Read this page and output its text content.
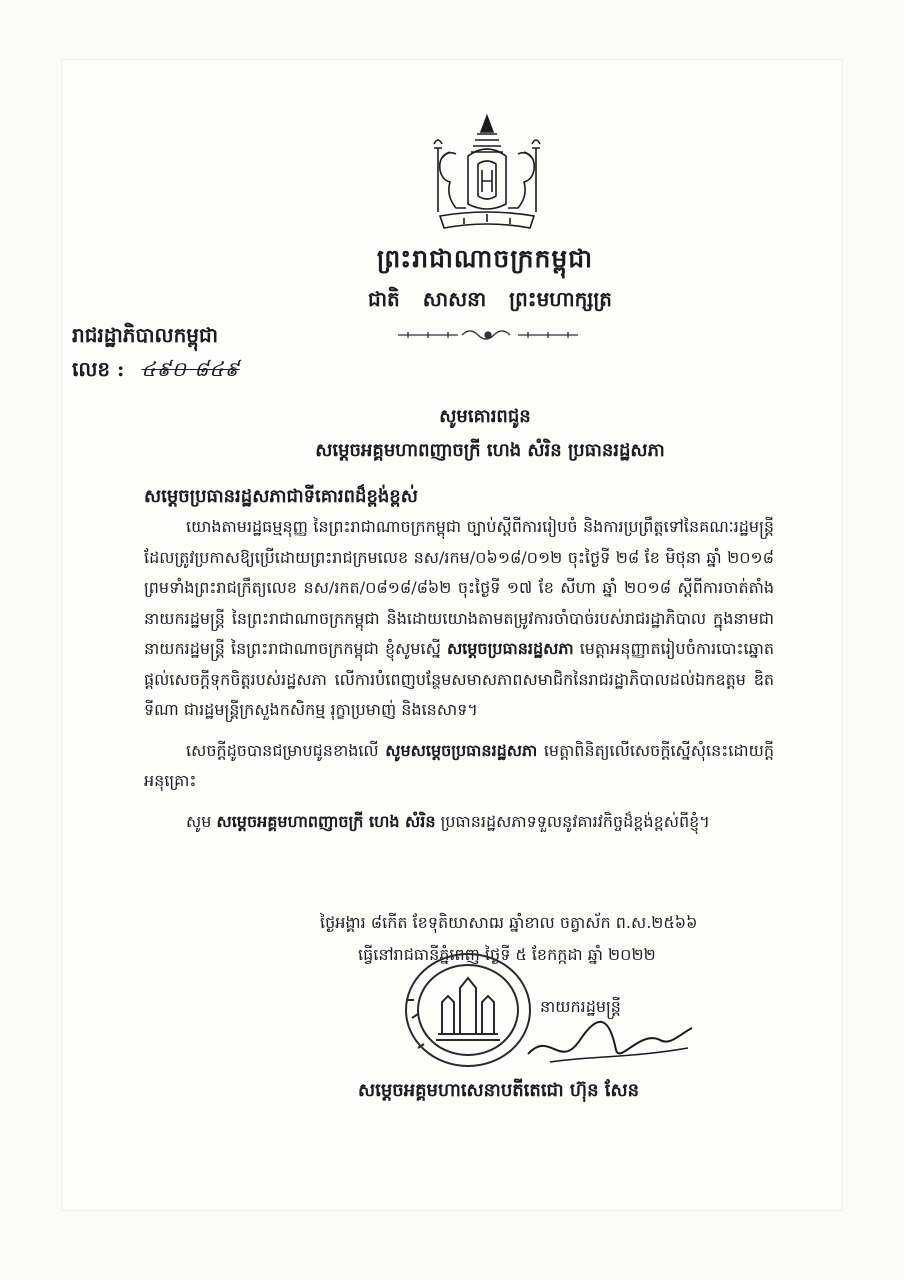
ព្រះរាជាណាចក្រកម្ពុជា
ជាតិ សាសនា ព្រះមហាក្សត្រ
រាជរដ្ឋាភិបាលកម្ពុជា
លេខ : ៤៩០ ៨៤៩
សូមគោរពជូន
សម្តេចអគ្គមហាពញាចក្រី ហេង សំរិន ប្រធានរដ្ឋសភា
សម្តេចប្រធានរដ្ឋសភាជាទីគោរពដ៏ខ្ពង់ខ្ពស់

យោងតាមរដ្ឋធម្មនុញ្ញ នៃព្រះរាជាណាចក្រកម្ពុជា ច្បាប់ស្តីពីការរៀបចំ និងការប្រព្រឹត្តទៅនៃគណៈរដ្ឋមន្ត្រី ដែលត្រូវប្រកាសឱ្យប្រើដោយព្រះរាជក្រមលេខ នស/រកម/០៦១៨/០១២ ចុះថ្ងៃទី ២៨ ខែ មិថុនា ឆ្នាំ ២០១៨ ព្រមទាំងព្រះរាជក្រឹត្យលេខ នស/រកត/០៨១៨/៨៦២ ចុះថ្ងៃទី ១៧ ខែ សីហា ឆ្នាំ ២០១៨ ស្តីពីការចាត់តាំងនាយករដ្ឋមន្ត្រី នៃព្រះរាជាណាចក្រកម្ពុជា និងដោយយោងតាមតម្រូវការចាំបាច់របស់រាជរដ្ឋាភិបាល ក្នុងនាមជានាយករដ្ឋមន្ត្រី នៃព្រះរាជាណាចក្រកម្ពុជា ខ្ញុំសូមស្នើ សម្តេចប្រធានរដ្ឋសភា មេត្តាអនុញ្ញាតរៀបចំការបោះឆ្នោតផ្តល់សេចក្តីទុកចិត្តរបស់រដ្ឋសភា លើការបំពេញបន្ថែមសមាសភាពសមាជិកនៃរាជរដ្ឋាភិបាលដល់ឯកឧត្តម ឌិត ទីណា ជារដ្ឋមន្ត្រីក្រសួងកសិកម្ម រុក្ខាប្រមាញ់ និងនេសាទ។

សេចក្តីដូចបានជម្រាបជូនខាងលើ សូមសម្តេចប្រធានរដ្ឋសភា មេត្តាពិនិត្យលើសេចក្តីស្នើសុំនេះដោយក្តីអនុគ្រោះ

សូម សម្តេចអគ្គមហាពញាចក្រី ហេង សំរិន ប្រធានរដ្ឋសភាទទួលនូវគារវកិច្ចដ៏ខ្ពង់ខ្ពស់ពីខ្ញុំ។

ថ្ងៃអង្គារ ៨កើត ខែទុតិយាសាឍ ឆ្នាំខាល ចត្វាស័ក ព.ស.២៥៦៦
ធ្វើនៅរាជធានីភ្នំពេញ ថ្ងៃទី ៥ ខែកក្កដា ឆ្នាំ ២០២២
នាយករដ្ឋមន្ត្រី
សម្តេចអគ្គមហាសេនាបតីតេជោ ហ៊ុន សែន
